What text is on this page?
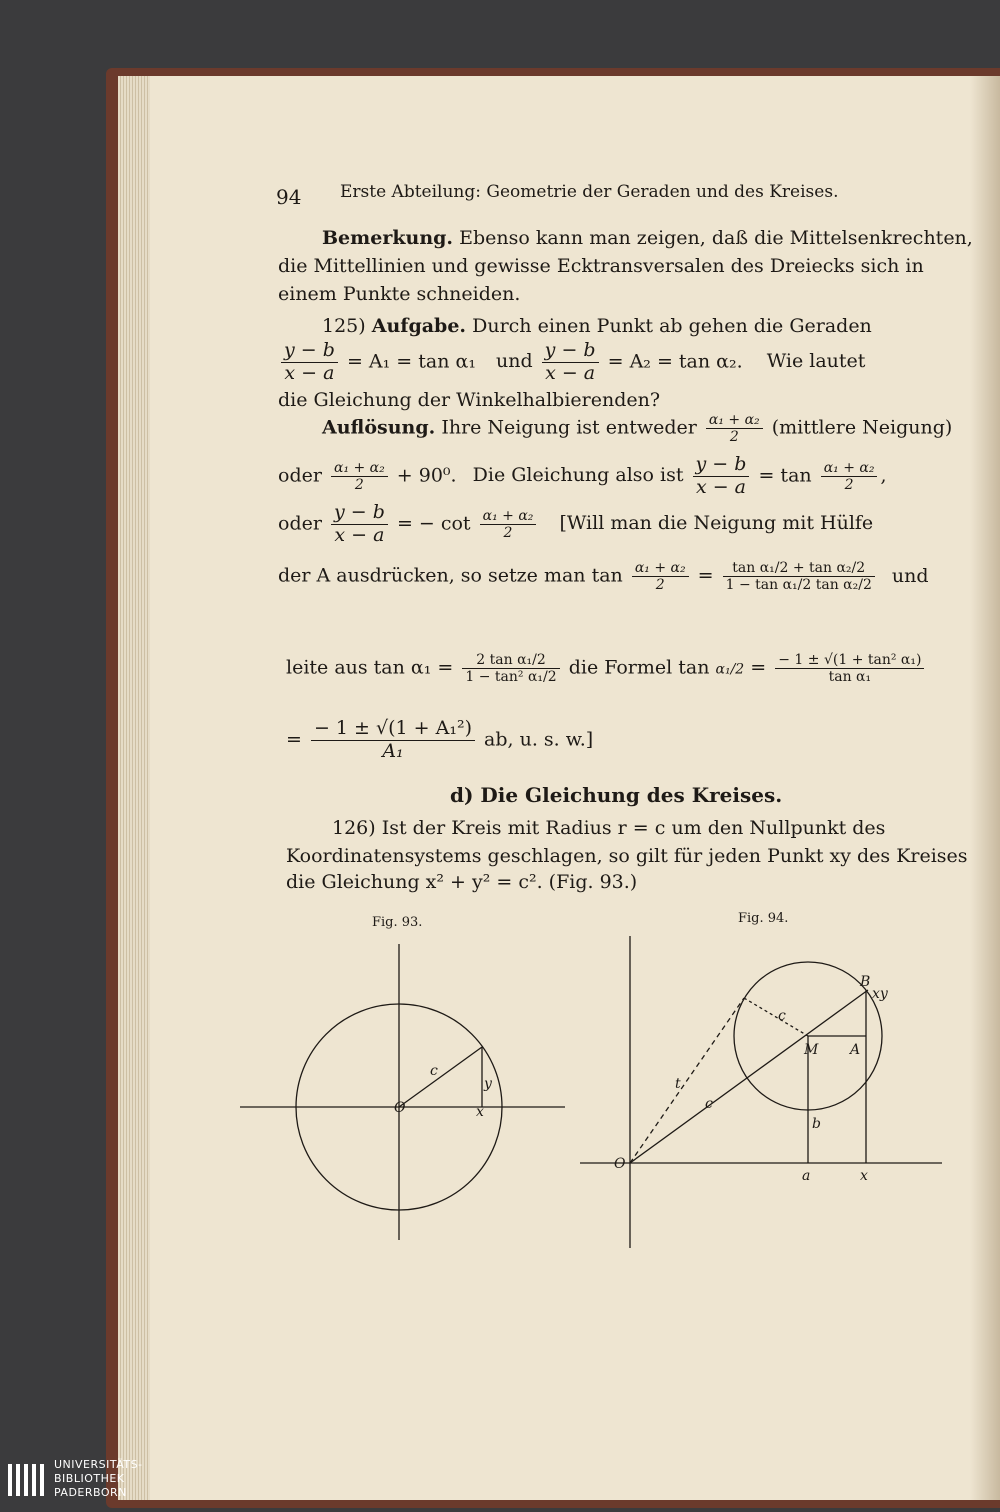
94 Erste Abteilung: Geometrie der Geraden und des Kreises.
Bemerkung. Ebenso kann man zeigen, daß die Mittelsenkrechten,
die Mittellinien und gewisse Ecktransversalen des Dreiecks sich in
einem Punkte schneiden.
125) Aufgabe. Durch einen Punkt ab gehen die Geraden
$\frac{y - b}{x - a} = A_1 = \tan \alpha_1$ und $\frac{y - b}{x - a} = A_2 = \tan \alpha_2$. Wie lautet
die Gleichung der Winkelhalbierenden?
Auflösung. Ihre Neigung ist entweder $\frac{\text{α₁ + α₂}}{2}$ (mittlere Neigung)
oder $\frac{\text{α₁ + α₂}}{2} + 90^0$. Die Gleichung also ist $\frac{y - b}{x - a} = \tan \frac{\text{α₁ + α₂}}{2}$ ,
oder $\frac{y - b}{x - a}$ = − $\cot \frac{\text{α₁ + α₂}}{2}$ [Will man die Neigung mit Hülfe
der A ausdrücken, so setze man $\tan \frac{\text{α₁ + α₂}}{2} = \frac{\text{tan α₁/2 + tan α₂/2}}{\text{1 − tan α₁/2 tan α₂/2}}$ und
leite aus $\tan \alpha_1 = \frac{\text{2 tan α₁/2}}{\text{1 − tan² α₁/2}}$ die Formel $\tan \alpha_1/2 = \frac{\text{− 1 ± √(1 + tan² α₁)}}{\text{tan α₁}}$
= $\frac{\text{− 1 ± √(1 + A₁²)}}{\text{A₁}}$ ab, u. s. w.]
d) Die Gleichung des Kreises.
126) Ist der Kreis mit Radius r = c um den Nullpunkt des
Koordinatensystems geschlagen, so gilt für jeden Punkt xy des Kreises
die Gleichung x² + y² = c². (Fig. 93.)
Fig. 93.
c
y
O	x
Fig. 94.
B
xy
c
M A
t
c
b
O
a	x
UNIVERSITÄTS-
BIBLIOTHEK
PADERBORN
